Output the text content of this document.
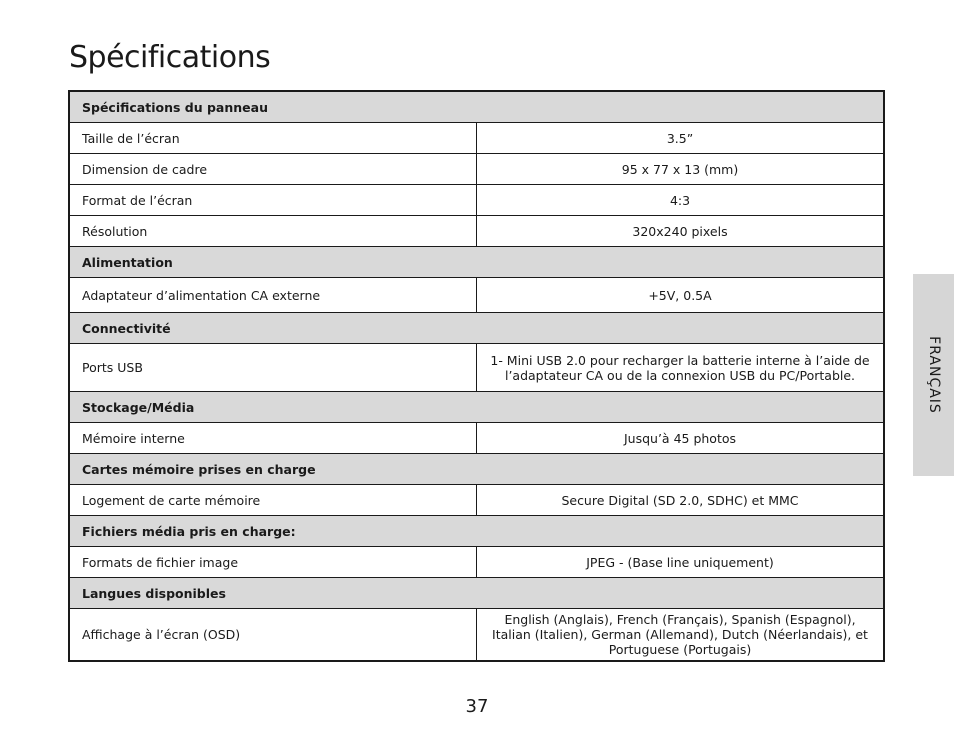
Spécifications
Spécifications du panneau	
Taille de l’écran	3.5”
Dimension de cadre	95 x 77 x 13 (mm)
Format de l’écran	4:3
Résolution	320x240 pixels
Alimentation	
Adaptateur d’alimentation CA externe	+5V, 0.5A
Connectivité	
Ports USB	1- Mini USB 2.0 pour recharger la batterie interne à l’aide de l’adaptateur CA ou de la connexion USB du PC/Portable.
Stockage/Média	
Mémoire interne	Jusqu’à 45 photos
Cartes mémoire prises en charge	
Logement de carte mémoire	Secure Digital (SD 2.0, SDHC) et MMC
Fichiers média pris en charge:	
Formats de fichier image	JPEG - (Base line uniquement)
Langues disponibles	
Affichage à l’écran (OSD)	English (Anglais), French (Français), Spanish (Espagnol), Italian (Italien), German (Allemand), Dutch (Néerlandais), et Portuguese (Portugais)
FRANÇAIS
37
